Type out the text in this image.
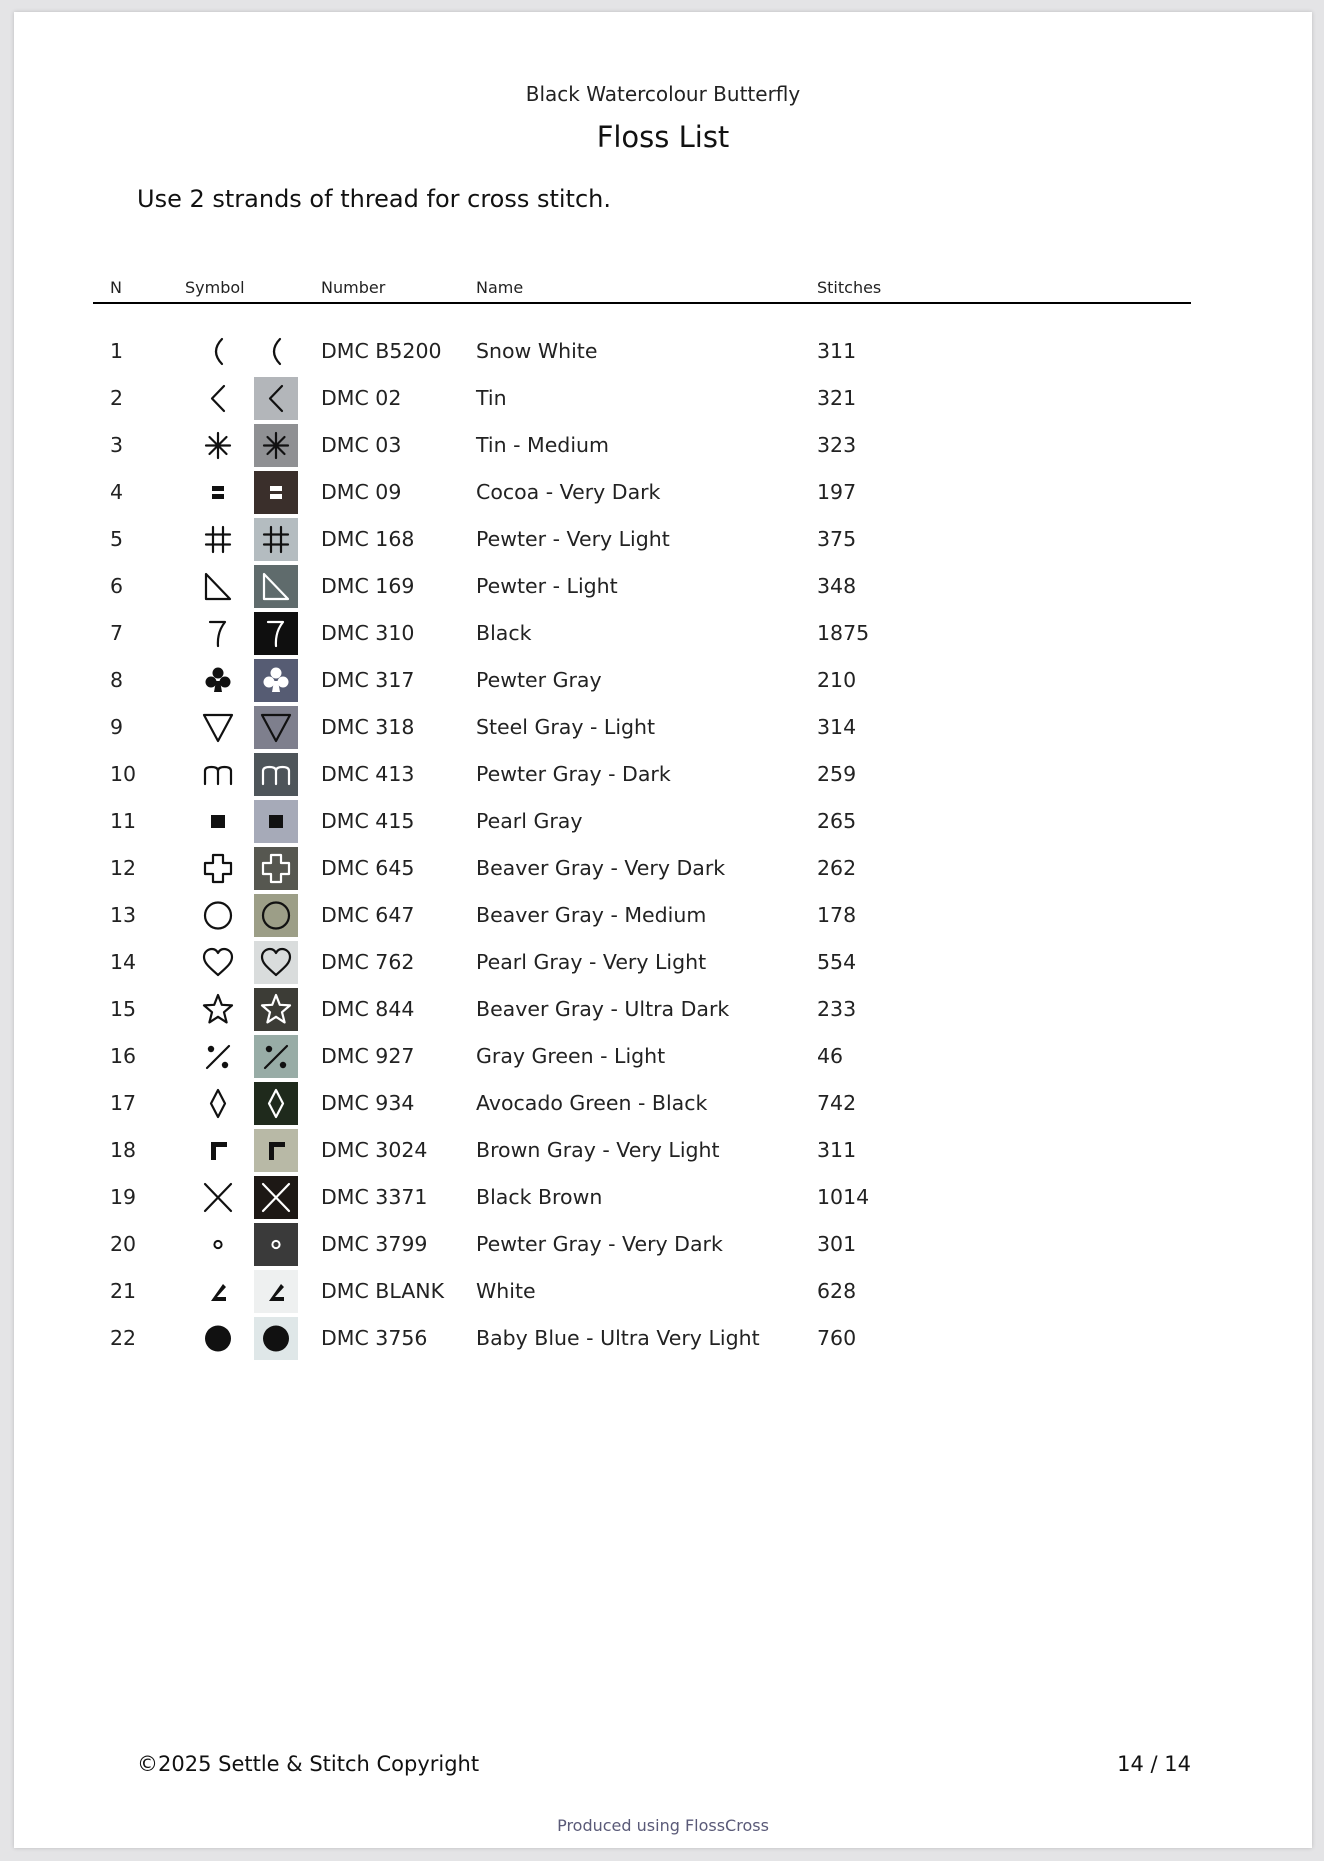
Black Watercolour Butterfly
Floss List
Use 2 strands of thread for cross stitch.
N	Symbol	Number	Name	Stitches
1	DMC B5200 Snow White	311
2	DMC 02	Tin	321
3	DMC 03	Tin - Medium	323
4	DMC 09	Cocoa - Very Dark	197
5	DMC 168	Pewter - Very Light	375
6	DMC 169	Pewter - Light	348
7	DMC 310	Black	1875
8	DMC 317	Pewter Gray	210
9	DMC 318	Steel Gray - Light	314
10	DMC 413	Pewter Gray - Dark	259
11	DMC 415	Pearl Gray	265
12	DMC 645	Beaver Gray - Very Dark	262
13	DMC 647	Beaver Gray - Medium	178
14	DMC 762	Pearl Gray - Very Light	554
15	DMC 844	Beaver Gray - Ultra Dark	233
16	DMC 927	Gray Green - Light	46
17	DMC 934	Avocado Green - Black	742
18	DMC 3024 Brown Gray - Very Light	311
19	DMC 3371 Black Brown	1014
20	DMC 3799 Pewter Gray - Very Dark	301
21	DMC BLANK White	628
22	DMC 3756 Baby Blue - Ultra Very Light	760
©2025 Settle & Stitch Copyright	14 / 14
Produced using FlossCross
